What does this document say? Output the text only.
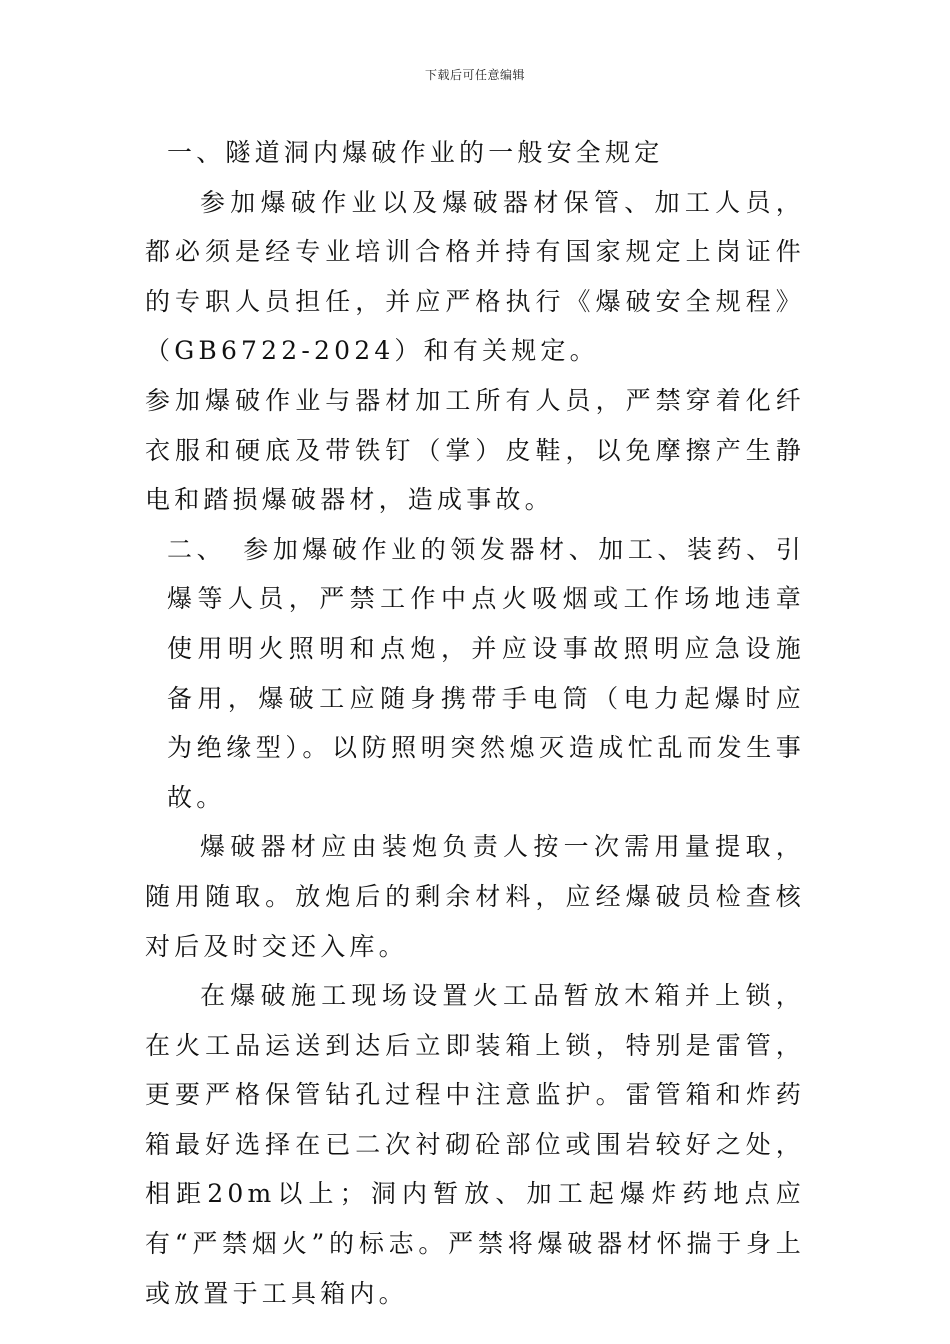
下载后可任意编辑

一、隧道洞内爆破作业的一般安全规定

参加爆破作业以及爆破器材保管、加工人员，都必须是经专业培训合格并持有国家规定上岗证件的专职人员担任，并应严格执行《爆破安全规程》（GB6722-2024）和有关规定。

参加爆破作业与器材加工所有人员，严禁穿着化纤衣服和硬底及带铁钉（掌）皮鞋，以免摩擦产生静电和踏损爆破器材，造成事故。

二、　参加爆破作业的领发器材、加工、装药、引爆等人员，严禁工作中点火吸烟或工作场地违章使用明火照明和点炮，并应设事故照明应急设施备用，爆破工应随身携带手电筒（电力起爆时应为绝缘型）。以防照明突然熄灭造成忙乱而发生事故。

爆破器材应由装炮负责人按一次需用量提取，随用随取。放炮后的剩余材料，应经爆破员检查核对后及时交还入库。

在爆破施工现场设置火工品暂放木箱并上锁，在火工品运送到达后立即装箱上锁，特别是雷管，更要严格保管钻孔过程中注意监护。雷管箱和炸药箱最好选择在已二次衬砌砼部位或围岩较好之处，相距20m以上；洞内暂放、加工起爆炸药地点应有“严禁烟火”的标志。严禁将爆破器材怀揣于身上或放置于工具箱内。
